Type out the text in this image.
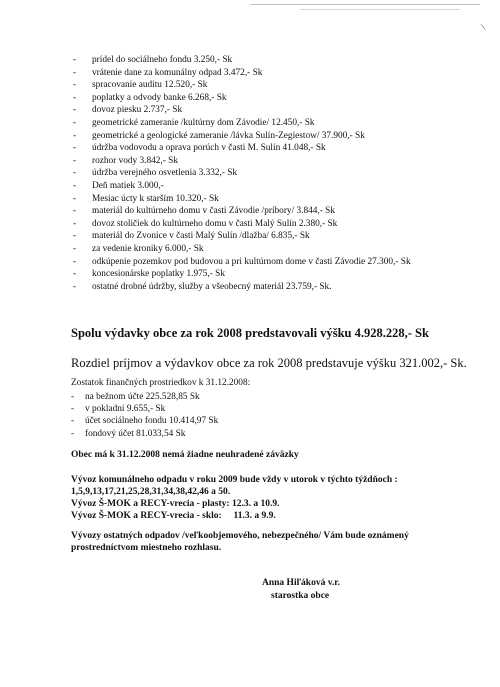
\
- prídel do sociálneho fondu 3.250,- Sk
- vrátenie dane za komunálny odpad 3.472,- Sk
- spracovanie auditu 12.520,- Sk
- poplatky a odvody banke 6.268,- Sk
- dovoz piesku 2.737,- Sk
- geometrické zameranie /kultúrny dom Závodie/ 12.450,- Sk
- geometrické a geologické zameranie /lávka Sulín-Zegiestow/ 37.900,- Sk
- údržba vodovodu a oprava porúch v časti M. Sulín 41.048,- Sk
- rozhor vody 3.842,- Sk
- údržba verejného osvetlenia 3.332,- Sk
- Deň matiek 3.000,-
- Mesiac úcty k starším 10.320,- Sk
- materiál do kultúrneho domu v časti Závodie /príbory/ 3.844,- Sk
- dovoz stoličiek do kultúrneho domu v časti Malý Sulín 2.380,- Sk
- materiál do Zvonice v časti Malý Sulín /dlažba/ 6.835,- Sk
- za vedenie kroniky 6.000,- Sk
- odkúpenie pozemkov pod budovou a pri kultúrnom dome v časti Závodie 27.300,- Sk
- koncesionárske poplatky 1.975,- Sk
- ostatné drobné údržby, služby a všeobecný materiál 23.759,- Sk.
Spolu výdavky obce za rok 2008 predstavovali výšku 4.928.228,- Sk
Rozdiel príjmov a výdavkov obce za rok 2008 predstavuje výšku 321.002,- Sk.
Zostatok finančných prostriedkov k 31.12.2008:
- na bežnom účte 225.528,85 Sk
- v pokladni 9.655,- Sk
- účet sociálneho fondu 10.414,97 Sk
- fondový účet 81.033,54 Sk
Obec má k 31.12.2008 nemá žiadne neuhradené záväzky
Vývoz komunálneho odpadu v roku 2009 bude vždy v utorok v týchto týždňoch :
1,5,9,13,17,21,25,28,31,34,38,42,46 a 50.
Vývoz Š-MOK a RECY-vrecia - plasty: 12.3. a 10.9.
Vývoz Š-MOK a RECY-vrecia - sklo:     11.3. a 9.9.
Vývozy ostatných odpadov /veľkoobjemového, nebezpečného/ Vám bude oznámený
prostredníctvom miestneho rozhlasu.
Anna Hiľáková v.r.
starostka obce
